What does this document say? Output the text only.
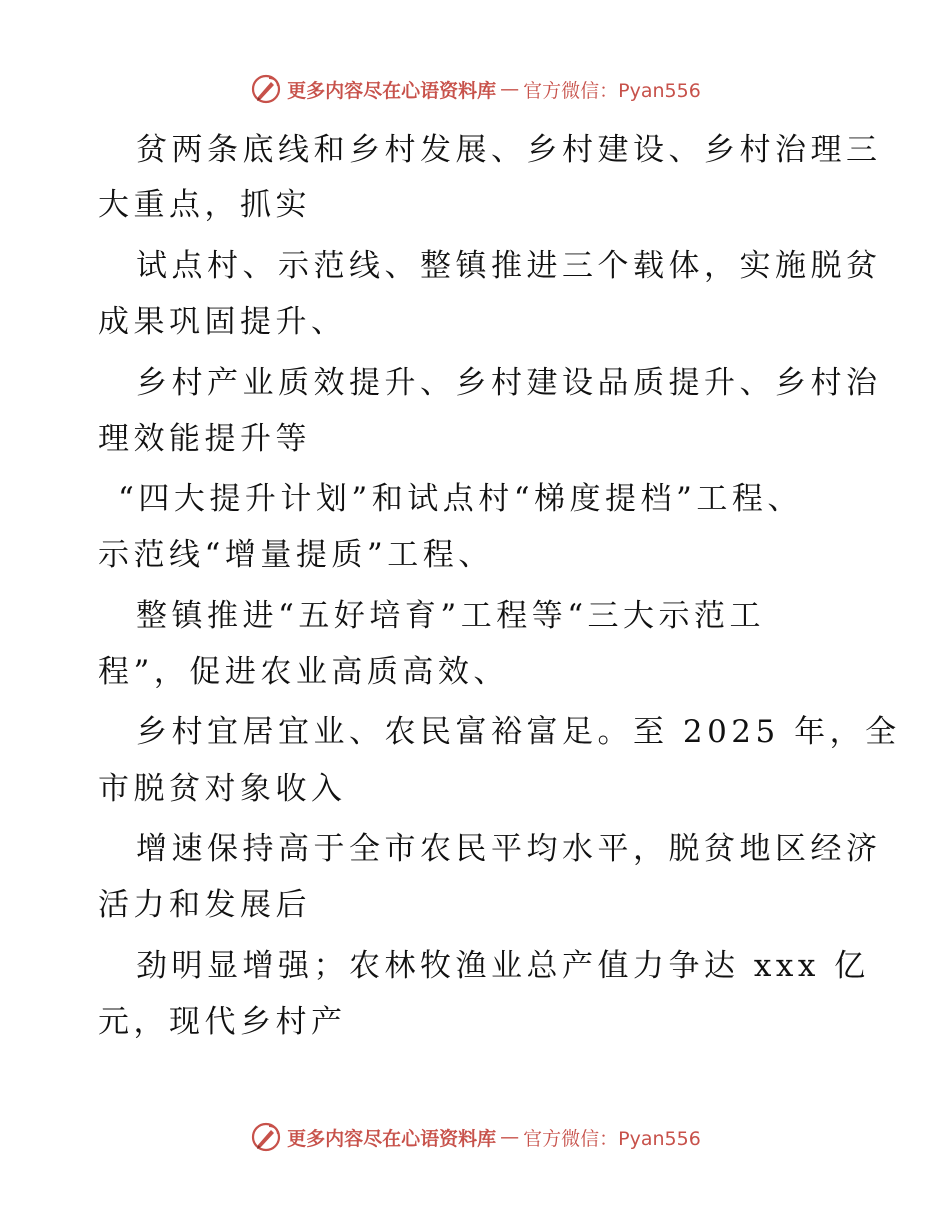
更多内容尽在心语资料库 — 官方微信：Pyan556
贫两条底线和乡村发展、乡村建设、乡村治理三
大重点，抓实
试点村、示范线、整镇推进三个载体，实施脱贫
成果巩固提升、
乡村产业质效提升、乡村建设品质提升、乡村治
理效能提升等
“四大提升计划”和试点村“梯度提档”工程、
示范线“增量提质”工程、
整镇推进“五好培育”工程等“三大示范工
程”，促进农业高质高效、
乡村宜居宜业、农民富裕富足。至 2025 年，全
市脱贫对象收入
增速保持高于全市农民平均水平，脱贫地区经济
活力和发展后
劲明显增强；农林牧渔业总产值力争达 xxx 亿
元，现代乡村产
更多内容尽在心语资料库 — 官方微信：Pyan556
